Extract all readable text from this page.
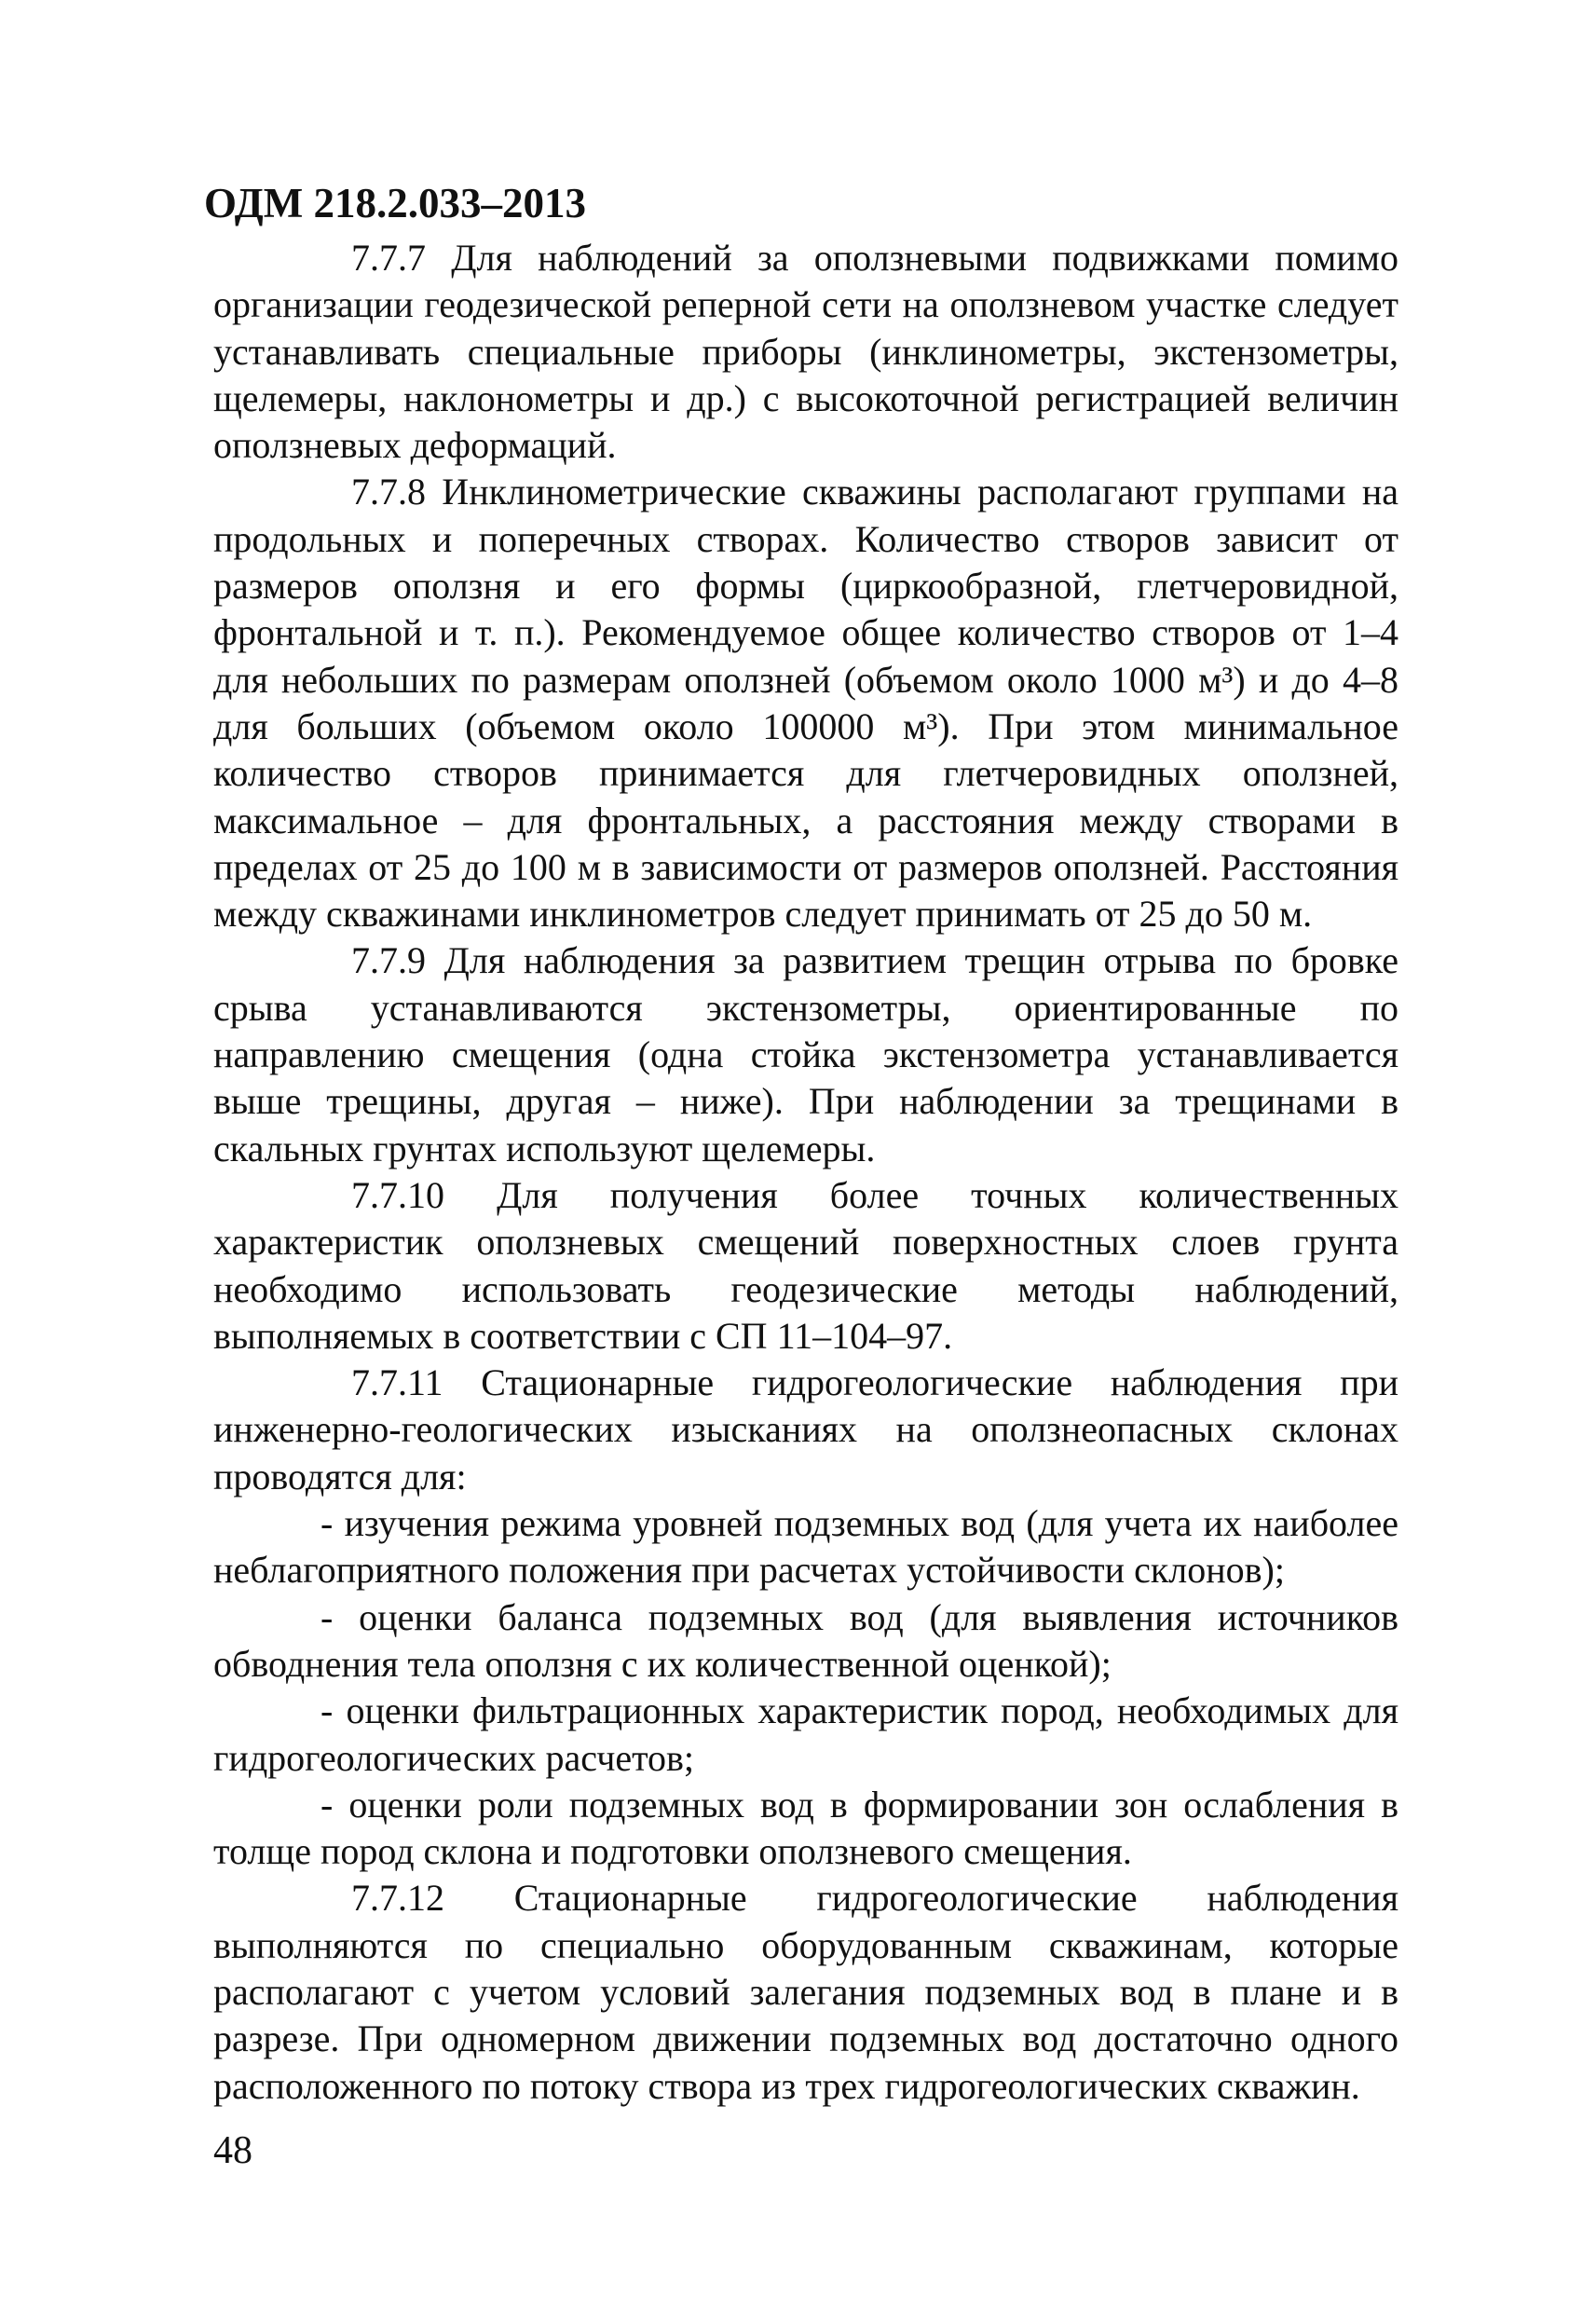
ОДМ 218.2.033–2013

7.7.7 Для наблюдений за оползневыми подвижками помимо организации геодезической реперной сети на оползневом участке следует устанавливать специальные приборы (инклинометры, экстензометры, щелемеры, наклонометры и др.) с высокоточной регистрацией величин оползневых деформаций.

7.7.8 Инклинометрические скважины располагают группами на продольных и поперечных створах. Количество створов зависит от размеров оползня и его формы (циркообразной, глетчеровидной, фронтальной и т. п.). Рекомендуемое общее количество створов от 1–4 для небольших по размерам оползней (объемом около 1000 м³) и до 4–8 для больших (объемом около 100000 м³). При этом минимальное количество створов принимается для глетчеровидных оползней, максимальное – для фронтальных, а расстояния между створами в пределах от 25 до 100 м в зависимости от размеров оползней. Расстояния между скважинами инклинометров следует принимать от 25 до 50 м.

7.7.9 Для наблюдения за развитием трещин отрыва по бровке срыва устанавливаются экстензометры, ориентированные по направлению смещения (одна стойка экстензометра устанавливается выше трещины, другая – ниже). При наблюдении за трещинами в скальных грунтах используют щелемеры.

7.7.10 Для получения более точных количественных характеристик оползневых смещений поверхностных слоев грунта необходимо использовать геодезические методы наблюдений, выполняемых в соответствии с СП 11–104–97.

7.7.11 Стационарные гидрогеологические наблюдения при инженерно-геологических изысканиях на оползнеопасных склонах проводятся для:

- изучения режима уровней подземных вод (для учета их наиболее неблагоприятного положения при расчетах устойчивости склонов);

- оценки баланса подземных вод (для выявления источников обводнения тела оползня с их количественной оценкой);

- оценки фильтрационных характеристик пород, необходимых для гидрогеологических расчетов;

- оценки роли подземных вод в формировании зон ослабления в толще пород склона и подготовки оползневого смещения.

7.7.12 Стационарные гидрогеологические наблюдения выполняются по специально оборудованным скважинам, которые располагают с учетом условий залегания подземных вод в плане и в разрезе. При одномерном движении подземных вод достаточно одного расположенного по потоку створа из трех гидрогеологических скважин.

48
